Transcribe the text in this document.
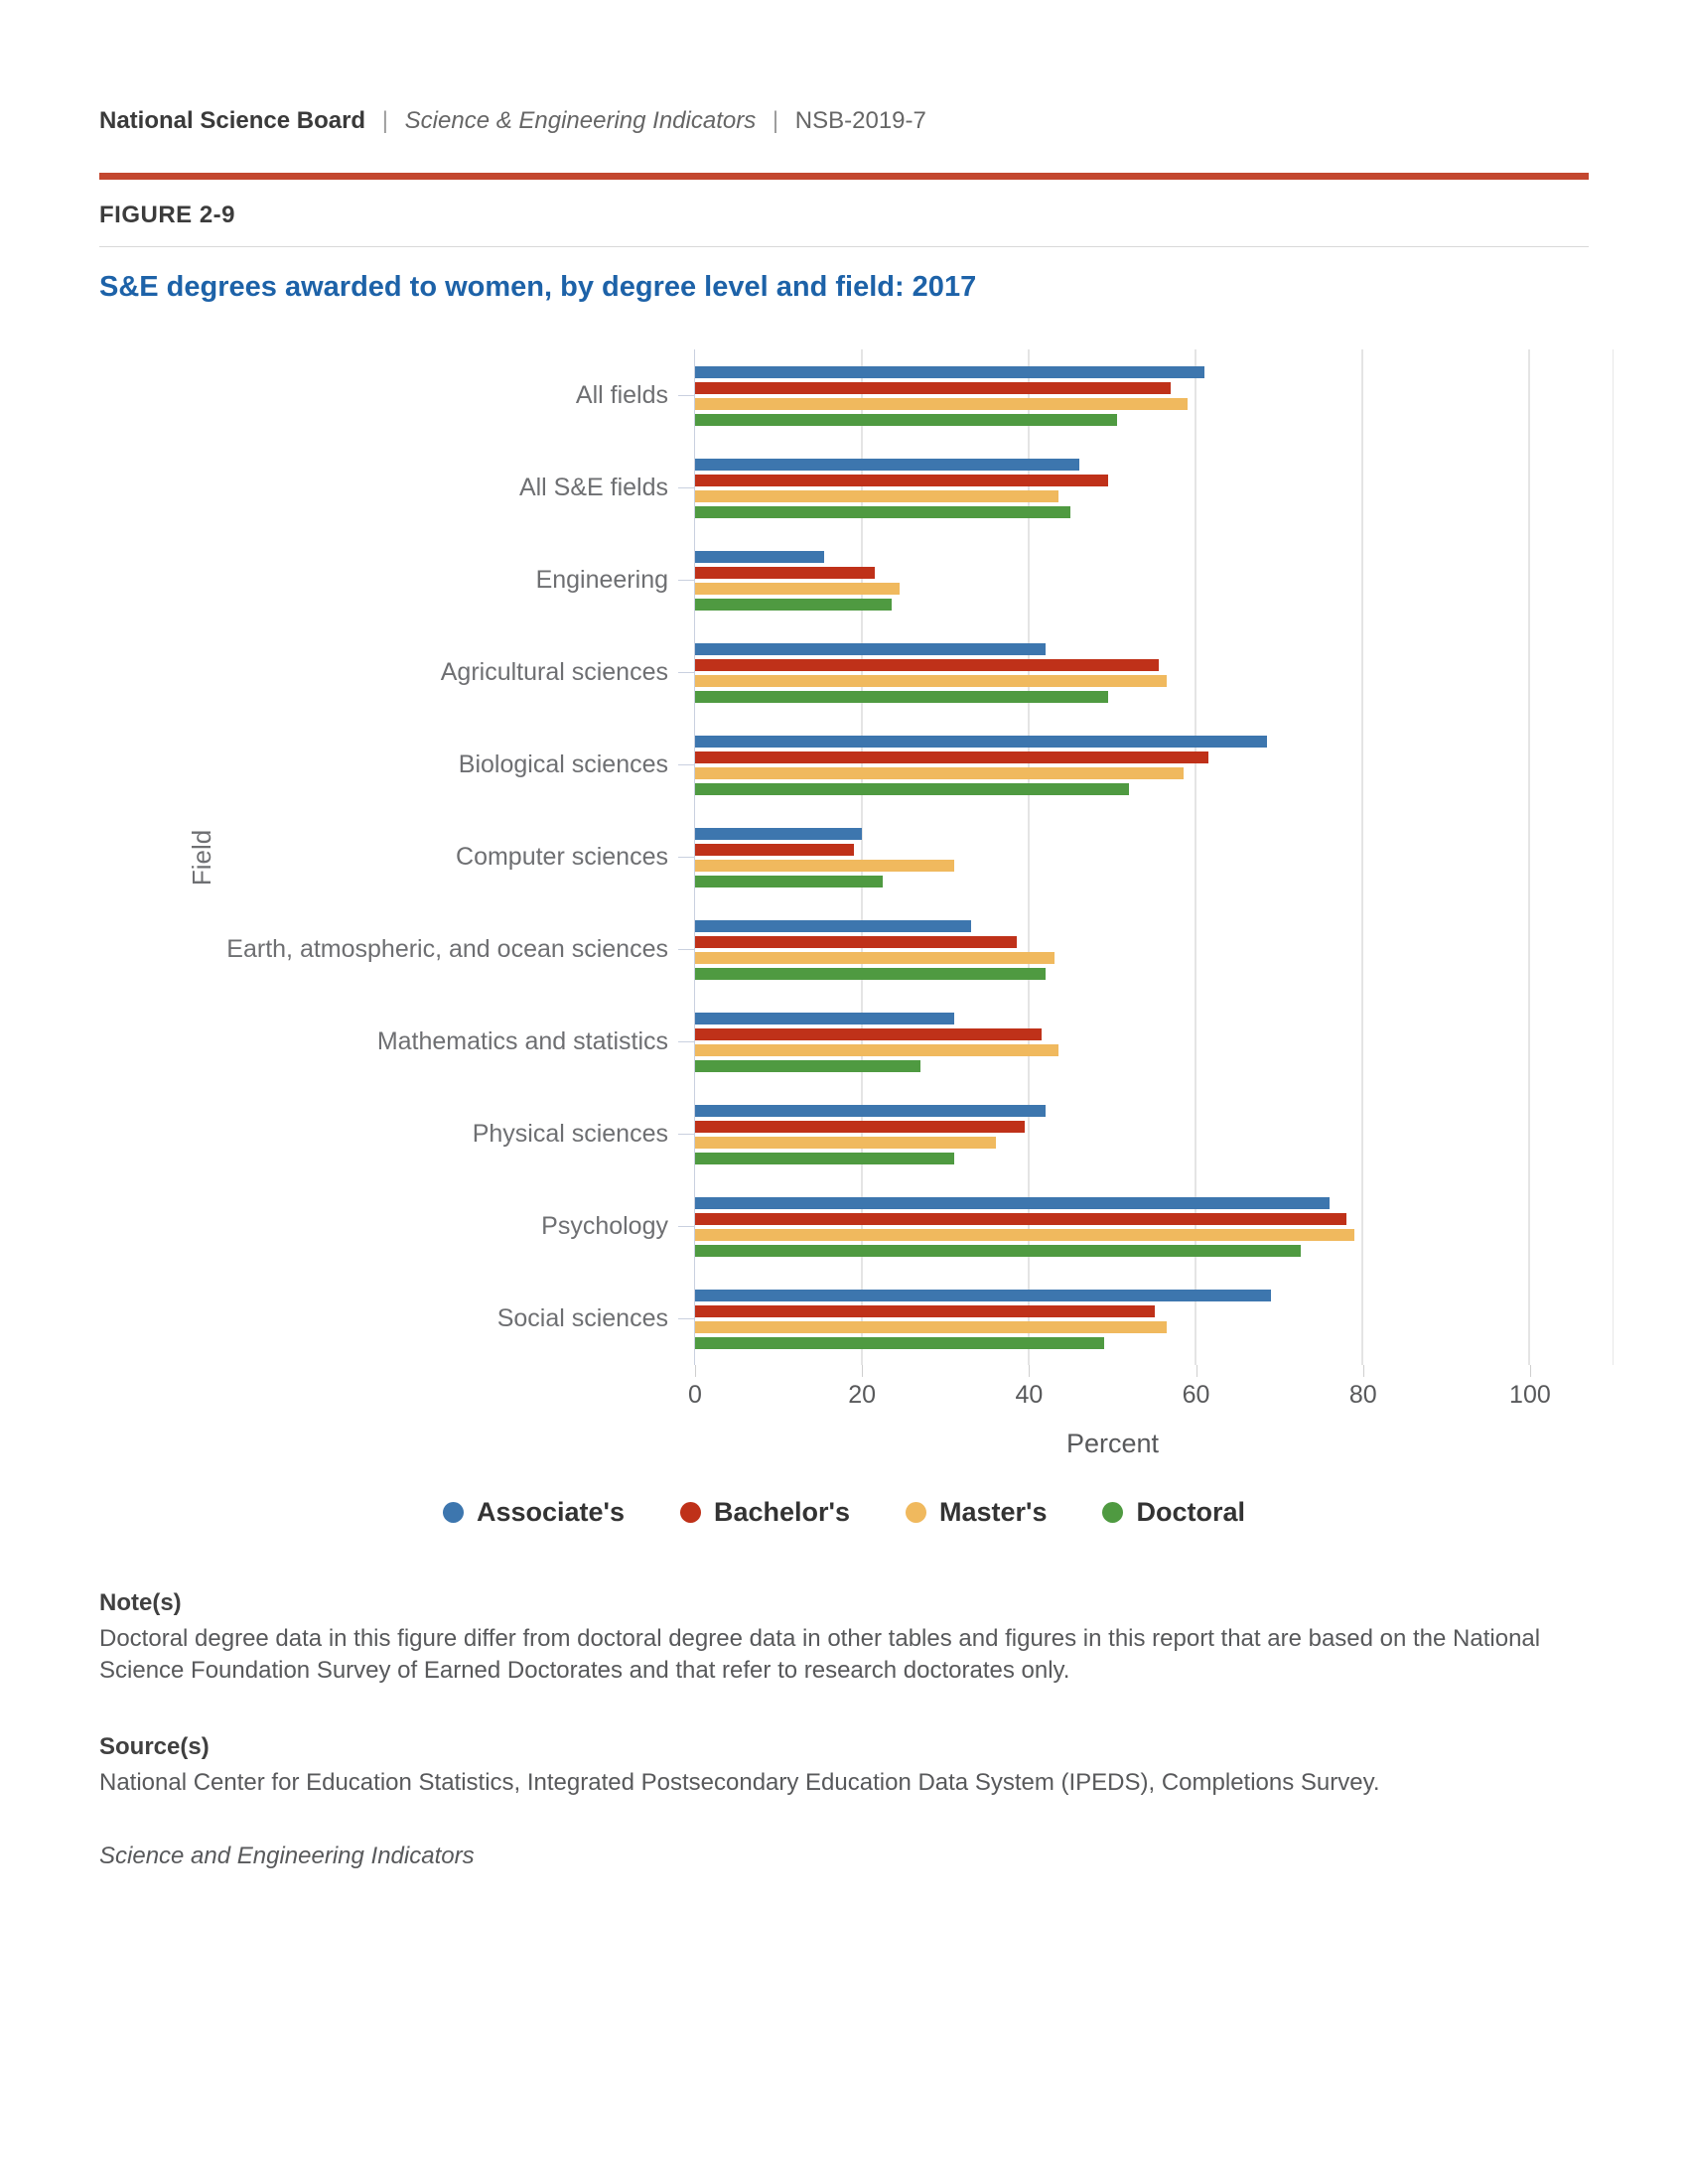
National Science Board | Science & Engineering Indicators | NSB-2019-7
FIGURE 2-9
S&E degrees awarded to women, by degree level and field: 2017
Field
All fields
All S&E fields
Engineering
Agricultural sciences
Biological sciences
Computer sciences
Earth, atmospheric, and ocean sciences
Mathematics and statistics
Physical sciences
Psychology
Social sciences
0	20	40	60	80	100
Percent
Associate's	Bachelor's	Master's	Doctoral
Note(s)
Doctoral degree data in this figure differ from doctoral degree data in other tables and figures in this report that are based on the National Science Foundation Survey of Earned Doctorates and that refer to research doctorates only.
Source(s)
National Center for Education Statistics, Integrated Postsecondary Education Data System (IPEDS), Completions Survey.
Science and Engineering Indicators
